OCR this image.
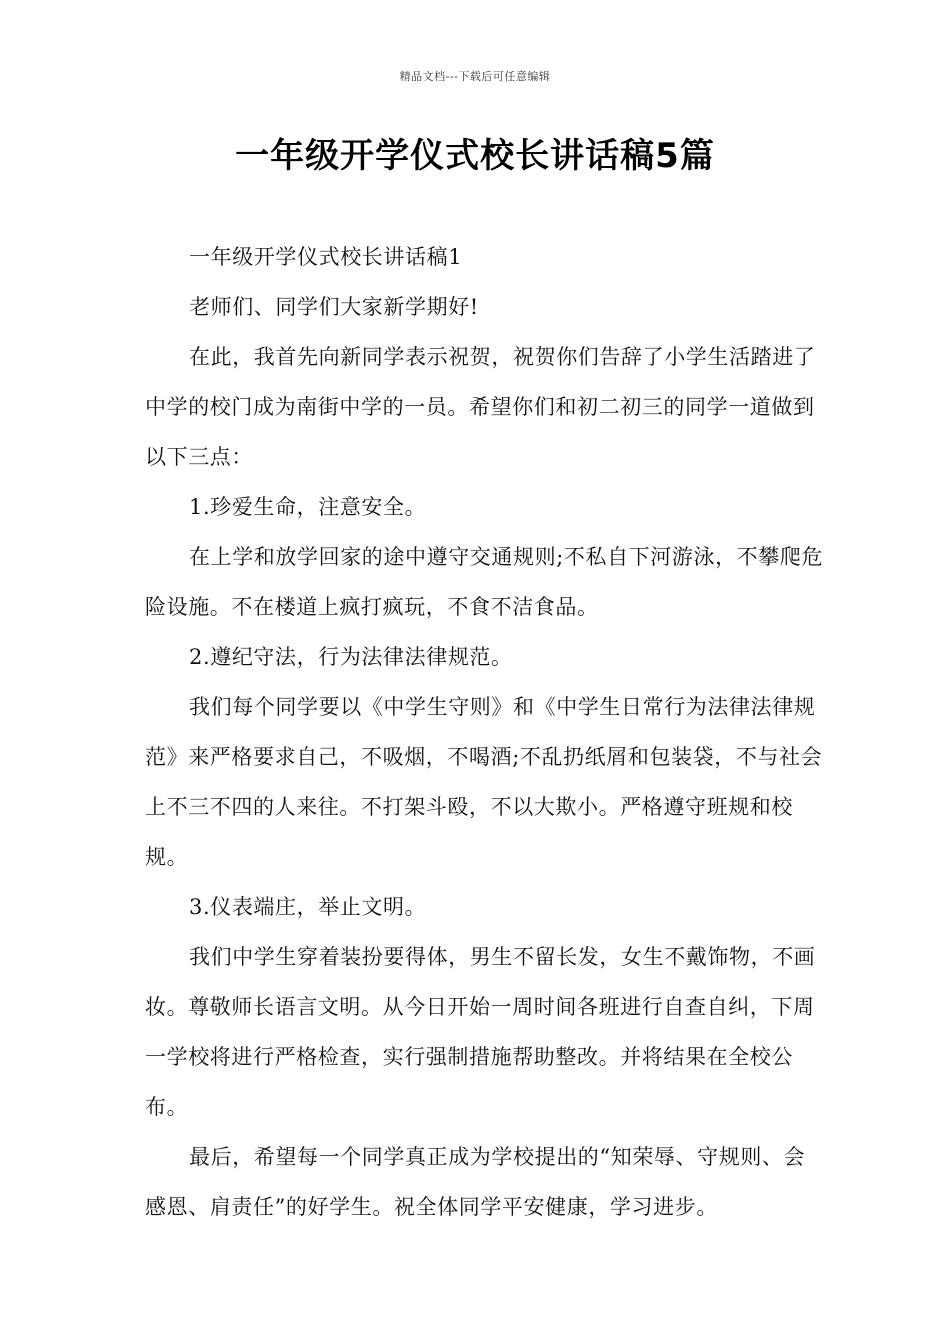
精品文档---下载后可任意编辑
一年级开学仪式校长讲话稿5篇

一年级开学仪式校长讲话稿1

老师们、同学们大家新学期好!

在此，我首先向新同学表示祝贺，祝贺你们告辞了小学生活踏进了中学的校门成为南街中学的一员。希望你们和初二初三的同学一道做到以下三点：

1.珍爱生命，注意安全。

在上学和放学回家的途中遵守交通规则;不私自下河游泳，不攀爬危险设施。不在楼道上疯打疯玩，不食不洁食品。

2.遵纪守法，行为法律法律规范。

我们每个同学要以《中学生守则》和《中学生日常行为法律法律规范》来严格要求自己，不吸烟，不喝酒;不乱扔纸屑和包装袋，不与社会上不三不四的人来往。不打架斗殴，不以大欺小。严格遵守班规和校规。

3.仪表端庄，举止文明。

我们中学生穿着装扮要得体，男生不留长发，女生不戴饰物，不画妆。尊敬师长语言文明。从今日开始一周时间各班进行自查自纠，下周一学校将进行严格检查，实行强制措施帮助整改。并将结果在全校公布。

最后，希望每一个同学真正成为学校提出的“知荣辱、守规则、会感恩、肩责任”的好学生。祝全体同学平安健康，学习进步。
